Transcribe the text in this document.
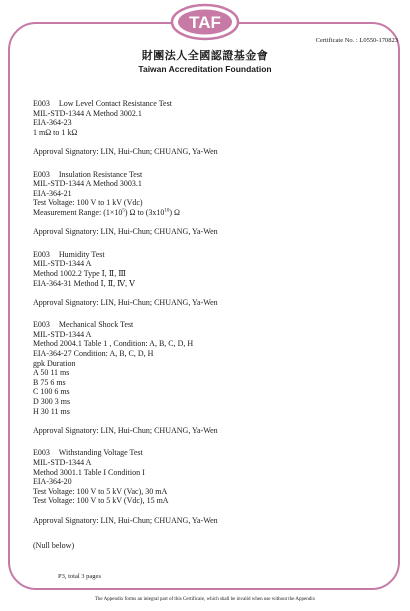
TAF
Certificate No. : L0550-170823
財團法人全國認證基金會
Taiwan Accreditation Foundation
E003 Low Level Contact Resistance Test
MIL-STD-1344 A Method 3002.1
EIA-364-23
1 mΩ to 1 kΩ
Approval Signatory: LIN, Hui-Chun; CHUANG, Ya-Wen
E003 Insulation Resistance Test
MIL-STD-1344 A Method 3003.1
EIA-364-21
Test Voltage: 100 V to 1 kV (Vdc)
Measurement Range: $(1\times 10^5)$ Ω to $(3x10^{10})$ Ω
Approval Signatory: LIN, Hui-Chun; CHUANG, Ya-Wen
E003 Humidity Test
MIL-STD-1344 A
Method 1002.2 Type Ⅰ, Ⅱ, Ⅲ
EIA-364-31 Method Ⅰ, Ⅱ, Ⅳ, Ⅴ
Approval Signatory: LIN, Hui-Chun; CHUANG, Ya-Wen
E003 Mechanical Shock Test
MIL-STD-1344 A
Method 2004.1 Table 1 , Condition: A, B, C, D, H
EIA-364-27 Condition: A, B, C, D, H
gpk Duration
A 50 11 ms
B 75 6 ms
C 100 6 ms
D 300 3 ms
H 30 11 ms
Approval Signatory: LIN, Hui-Chun; CHUANG, Ya-Wen
E003 Withstanding Voltage Test
MIL-STD-1344 A
Method 3001.1 Table I Condition I
EIA-364-20
Test Voltage: 100 V to 5 kV (Vac), 30 mA
Test Voltage: 100 V to 5 kV (Vdc), 15 mA
Approval Signatory: LIN, Hui-Chun; CHUANG, Ya-Wen
(Null below)
P3, total 3 pages
The Appendix forms an integral part of this Certificate, which shall be invalid when use without the Appendix
